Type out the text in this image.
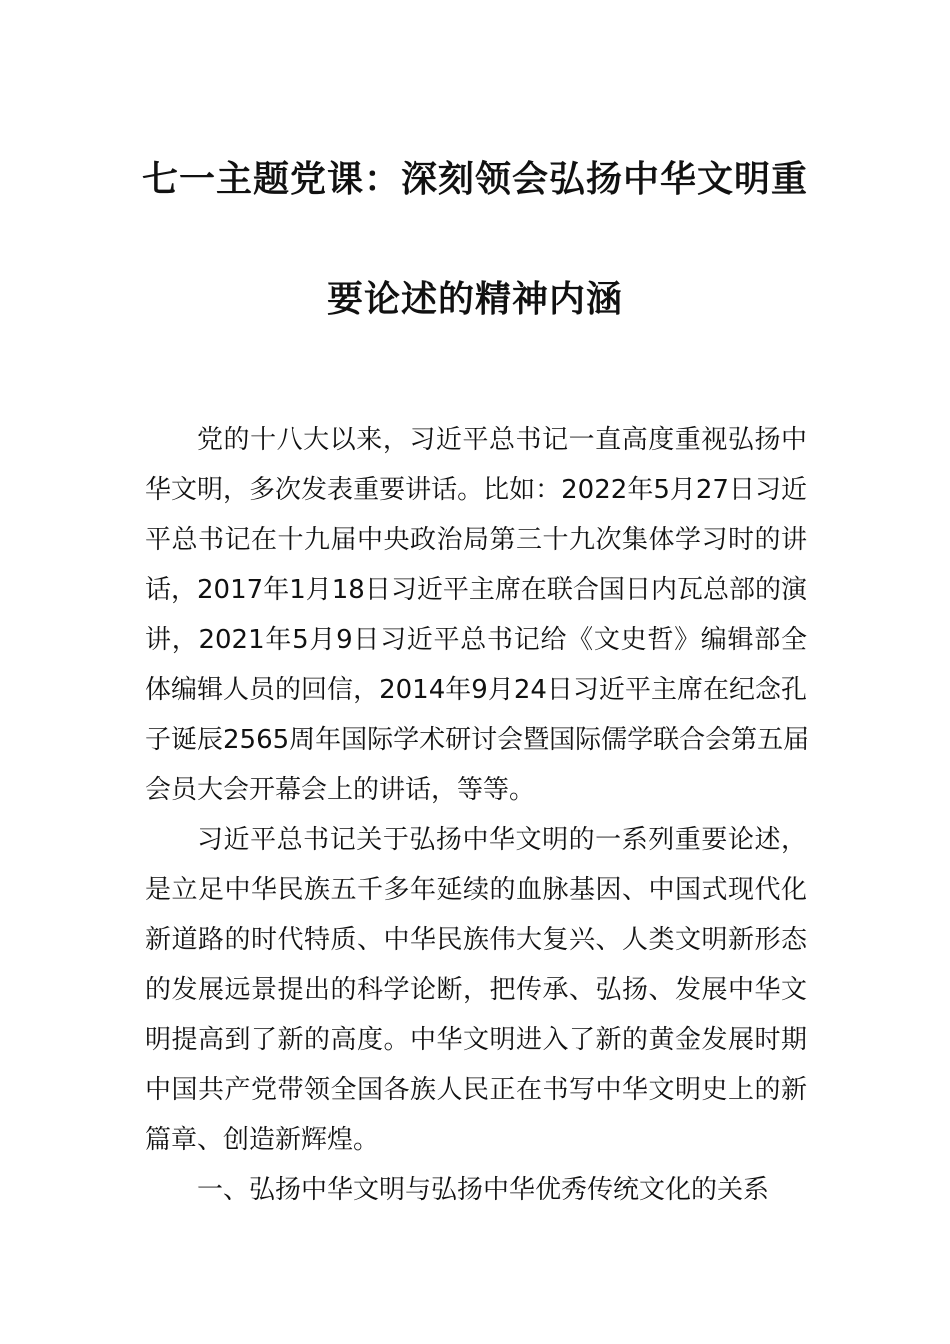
七一主题党课：深刻领会弘扬中华文明重
要论述的精神内涵
党的十八大以来，习近平总书记一直高度重视弘扬中
华文明，多次发表重要讲话。比如：2022年5月27日习近
平总书记在十九届中央政治局第三十九次集体学习时的讲
话，2017年1月18日习近平主席在联合国日内瓦总部的演
讲，2021年5月9日习近平总书记给《文史哲》编辑部全
体编辑人员的回信，2014年9月24日习近平主席在纪念孔
子诞辰2565周年国际学术研讨会暨国际儒学联合会第五届
会员大会开幕会上的讲话，等等。
习近平总书记关于弘扬中华文明的一系列重要论述，
是立足中华民族五千多年延续的血脉基因、中国式现代化
新道路的时代特质、中华民族伟大复兴、人类文明新形态
的发展远景提出的科学论断，把传承、弘扬、发展中华文
明提高到了新的高度。中华文明进入了新的黄金发展时期
中国共产党带领全国各族人民正在书写中华文明史上的新
篇章、创造新辉煌。
一、弘扬中华文明与弘扬中华优秀传统文化的关系
